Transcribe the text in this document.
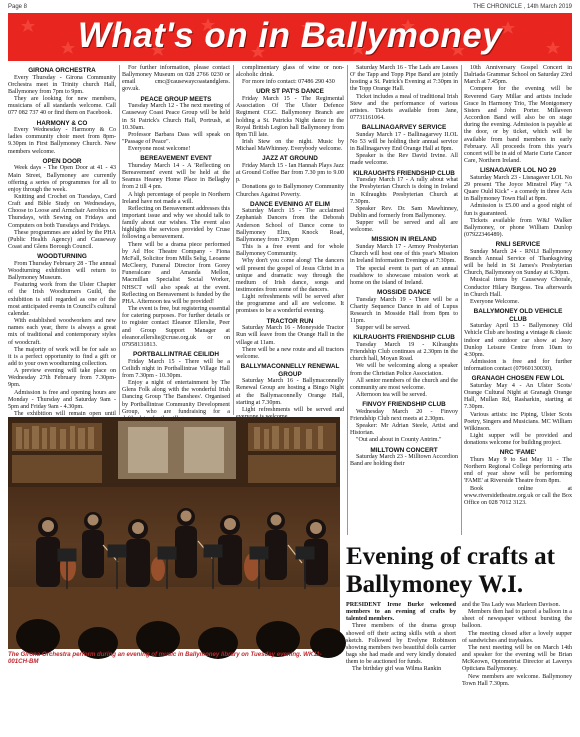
Page 8	THE CHRONICLE , 14th March 2019
What's on in Ballymoney
GIRONA ORCHESTRA

Every Thursday - Girona Community Orchestra meet in Trinity church Hall, Ballymoney from 7pm to 9pm.

They are looking for new members, musicians of all standards welcome. Call 077 082 737 40 or find them on Facebook.

HARMONY & CO

Every Wednesday - Harmony & Co ladies community choir meet from 8pm-9.30pm in First Ballymoney Church. New members welcome.

OPEN DOOR

Week days - The Open Door at 41 - 43 Main Street, Ballymoney are currently offering a series of programmes for all to enjoy through the week.

Knitting and Crochet on Tuesdays, Card Craft and Bible Study on Wednesdays, Choose to Loose and Armchair Aerobics on Thursdays, with Sewing on Fridays and Computers on both Tuesdays and Fridays.

These programmes are aided by the PHA (Public Health Agency) and Causeway Coast and Glens Borough Council.

WOODTURNING

From Thursday February 28 - The annual Woodturning exhibition will return to Ballymoney Museum.

Featuring work from the Ulster Chapter of the Irish Woodturners Guild, the exhibition is still regarded as one of the most anticipated events in Council's cultural calendar.

With established woodworkers and new names each year, there is always a great mix of traditional and contemporary styles of woodcraft.

The majority of work will be for sale so it is a perfect opportunity to find a gift or add to your own woodturning collection.

A preview evening will take place on Wednesday 27th February from 7.30pm-9pm.

Admission is free and opening hours are Monday - Thursday and Saturday 9am - 5pm and Friday 9am - 4.30pm.

The exhibition will remain open until

For further information, please contact Ballymoney Museum on 028 2766 0230 or email cmc@causewaycoastandglens. gov.uk.

PEACE GROUP MEETS

Tuesday March 12 - The next meeting of Causeway Coast Peace Group will be held in St Patrick's Church Hall, Portrush, at 10.30am.

Professor Barbara Dass will speak on "Passage of Peace".

Everyone most welcome!

BEREAVEMENT EVENT

Thursday March 14 - A 'Reflecting on Bereavement' event will be held at the Seamus Heaney Home Place in Bellaghy from 2 till 4 pm.

A high percentage of people in Northern Ireland have not made a will.

Reflecting on Bereavement addresses this important issue and why we should talk to family about our wishes. The event also highlights the services provided by Cruse following a bereavement.

There will be a drama piece performed by Ad Hoc Theatre Company - Fiona McFall, Solicitor from Mills Selig, Leoanne McCleery, Funeral Director from Gorey Funeralcare and Amanda Mellon, Macmillan Specialist Social Worker, NHSCT will also speak at the event. Reflecting on Bereavement is funded by the PHA. Afternoon tea will be provided!

The event is free, but registering essential for catering purposes. For further details or to register contact Eleanor Ellerslie, Peer and Group Support Manager at eleanor.ellerslie@cruse.org.uk or on 07958131813.

PORTBALLINTRAE CEILIDH

Friday March 15 - There will be a Ceilidh night in Portballintrae Village Hall from 7.30pm - 10.30pm.

Enjoy a night of entertainment by The Glens Folk along with the wonderful Irish Dancing Group 'The Banshees'. Organised by Portballintrae Community Development Group, who are fundraising for a

complimentary glass of wine or non- alcoholic drink.

For more info contact: 07486 290 430

UDR ST PAT'S DANCE

Friday March 15 - The Regimental Association Of The Ulster Defence Regiment CGC. Ballymoney Branch are holding a St. Patricks Night dance in the Royal British Legion hall Ballymoney from 8pm Till late.

Irish Stew on the night. Music by Michael MaWhinney. Everybody welcome.

JAZZ AT GROUND

Friday March 15 - Ian Hannah Plays Jazz at Ground Coffee Bar from 7.30 pm to 9.00 p.

Donations go to Ballymoney Community Churches Against Poverty.

DANCE EVENING AT ELIM

Saturday March 15 - The acclaimed Zephaniah Dancers from the Deborah Anderson School of Dance come to Ballymoney Elim, Knock Road, Ballymoney from 7.30pm

This is a free event and for whole Ballymoney Community.

Why don't you come along! The dancers will present the gospel of Jesus Christ in a unique and dramatic way through the medium of Irish dance, songs and testimonies from some of the dancers.

Light refreshments will be served after the programme and all are welcome. It promises to be a wonderful evening.

TRACTOR RUN

Saturday March 16 - Moneyside Tractor Run will leave from the Orange Hall in the village at 11am.

There will be a new route and all tractors welcome.

BALLYMACONNELLY RENEWAL GROUP

Saturday March 16 - Ballymaconnelly Renewal Group are hosting a Bingo Night at the Ballymaconnelly Orange Hall, starting at 7.30pm.

Light refreshments will be served and

Saturday March 16 - The Lads are Lasses O' the Tapp and Topp Pipe Band are jointly hosting a St. Patrick's Evening at 7:30pm in the Topp Orange Hall.

Ticket includes a meal of traditional Irish Stew and the performance of various artistes. Tickets available from Jane, 07731161064.

BALLINAGARVEY SERVICE

Sunday March 17 - Ballinagarvey II.OL No 53 will be holding their annual service in Ballinagarvey End Orange Hall at 8pm.

Speaker is the Rev David Irvine. All made welcome.

KILRAUGHTS FRIENDSHIP CLUB

Tuesday March 17 - A rally about what the Presbyterian Church is doing in Ireland in Kilraughts Presbyterian Church at 7.30pm.

Speaker Rev. Dr. Sam Mawhinney, Dublin and formerly from Ballymoney.

Supper will be served and all are welcome.

MISSION IN IRELAND

Sunday March 17 - Armoy Presbyterian Church will host one of this year's Mission in Ireland Information Evenings at 7:30pm.

The special event is part of an annual roadshow to showcase mission work at home on the island of Ireland.

MOSSIDE DANCE

Tuesday March 19 - There will be a Charity Sequence Dance in aid of Lupus Research in Mosside Hall from 8pm to 11pm.

Supper will be served.

KILRAUGHTS FRIENDSHIP CLUB

Tuesday March 19 - Kilraughts Friendship Club continues at 2.30pm in the church hall, Moyan Road.

We will be welcoming along a speaker from the Christian Police Association.

All senior members of the church and the community are most welcome.

Afternoon tea will be served.

FINVOY FRIENDSHIP CLUB

Wednesday March 20 - Finvoy Friendship Club next meets at 2.30pm.

Speaker: Mr Adrian Steele, Artist and Historian.

"Out and about in County Antrim."

MILLTOWN CONCERT

Saturday March 23 - Milltown Accordion Band are holding their

10th Anniversary Gospel Concert in Dalriada Grammar School on Saturday 23rd March at 7.45pm.

Compere for the evening will be Reverend Gary Millar and artists include Grace In Harmony Trio, The Montgomery Sisters and John Porter. Millaveen Accordion Band will also be on stage during the evening. Admission is payable at the door, or by ticket, which will be available from band members in early February. All proceeds from this year's concert will be in aid of Marie Curie Cancer Care, Northern Ireland.

LISNAGAVER LOL NO 29

Saturday March 23 - Lisnagaver LOL No 29 present 'The Joyce Minstrel Play "A Quare Ould Kick" - a comedy in three Acts in Ballymoney Town Hall at 8pm.

Admission is £5.00 and a good night of fun is guaranteed.

Tickets available from W&J Walker Ballymoney, or phone William Dunlop (07922346489).

RNLI SERVICE

Sunday March 24 - RNLI Ballymoney Branch Annual Service of Thanksgiving will be held in St James's Presbyterian Church, Ballymoney on Sunday at 6.30pm.

Musical items by Causeway Chorale, Conductor Hilary Burgess. Tea afterwards in Church Hall.

Everyone Welcome.

BALLYMONEY OLD VEHICLE CLUB

Saturday April 13 - Ballymoney Old Vehicle Club are hosting a vintage & classic indoor and outdoor car show at Joey Dunlop Leisure Centre from 10am to 4:30pm.

Admission is free and for further information contact (07960130030).

GRANAGH CHOSEN FEW LOL

Saturday May 4 - An Ulster Scots/ Orange Cultural Night at Granagh Orange Hall, Mullan Rd, Rasharkin, starting at 7.30pm.

Various artists: inc Piping, Ulster Scots Poetry, Singers and Musicians. MC William Wilkinson.

Light supper will be provided and donations welcome for building project.

NRC 'FAME'

Thurs May 9 to Sat May 11 - The Northern Regional College performing arts end of year show will be performing 'FAME' at Riverside Theatre from 8pm.

Book online at www.riversidetheatre.org.uk or call the Box Office on 028 7012 3123.

The Girona Orchestra perform during an evening of music in Ballymoney library on Tuesday evening. WK11-001CH-BM
Evening of crafts at Ballymoney W.I.

PRESIDENT Irene Burke welcomed members to an evening of crafts by talented members.

Three members of the drama group showed off their acting skills with a short sketch. Followed by Evelyne Robinson showing members two beautiful dolls carrier bags she had made and very kindly donated them to be auctioned for funds.

The birthday girl was Wilma Rankin

and the Tea Lady was Marleen Davison.

Members then had to parcel a balloon in a sheet of newspaper without bursting the balloon.

The meeting closed after a lovely supper of sandwiches and traybakes.

The next meeting will be on March 14th and speaker for the evening will be Brian McKeown, Optometrist Director at Laverys Opticians Ballymoney.

New members are welcome. Ballymoney Town Hall 7.30pm.
